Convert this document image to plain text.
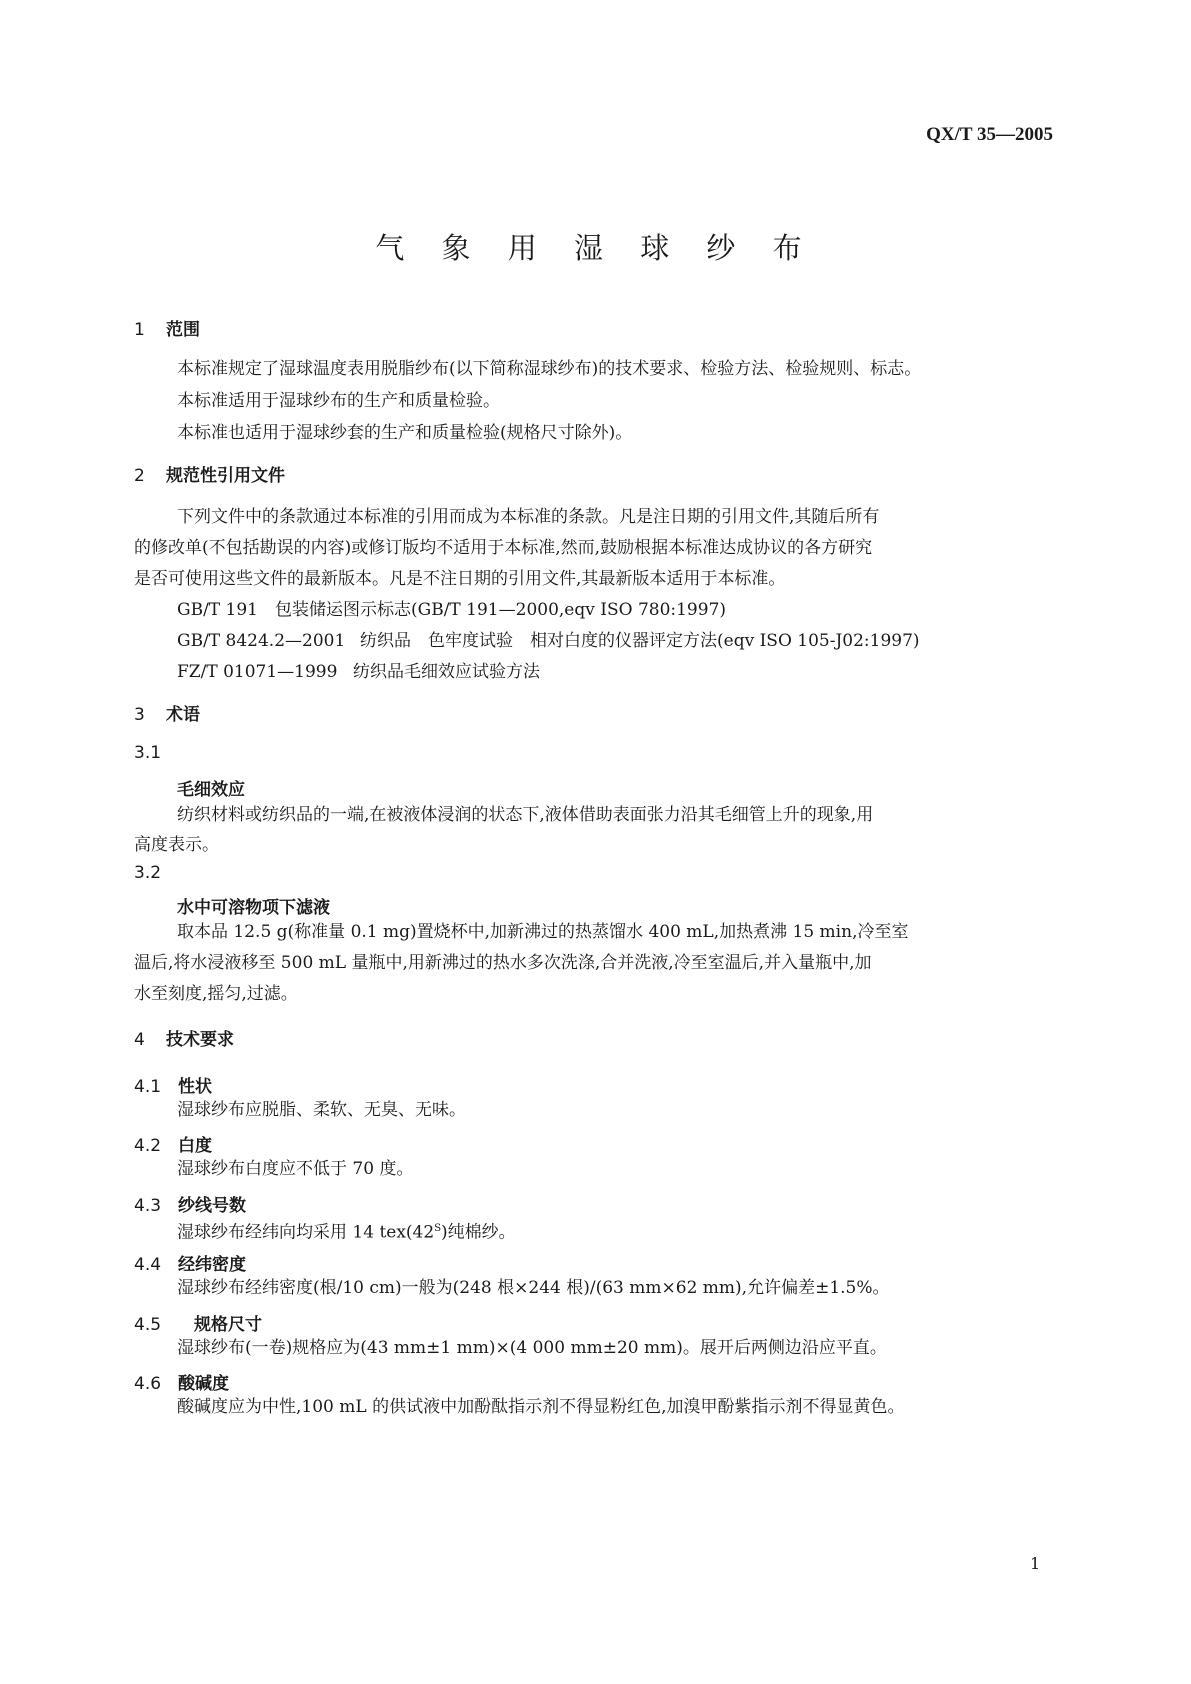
QX/T 35—2005
气 象 用 湿 球 纱 布
1 范围
本标准规定了湿球温度表用脱脂纱布(以下简称湿球纱布)的技术要求、检验方法、检验规则、标志。
本标准适用于湿球纱布的生产和质量检验。
本标准也适用于湿球纱套的生产和质量检验(规格尺寸除外)。
2 规范性引用文件
下列文件中的条款通过本标准的引用而成为本标准的条款。凡是注日期的引用文件,其随后所有
的修改单(不包括勘误的内容)或修订版均不适用于本标准,然而,鼓励根据本标准达成协议的各方研究
是否可使用这些文件的最新版本。凡是不注日期的引用文件,其最新版本适用于本标准。
GB/T 191 包装储运图示标志(GB/T 191—2000,eqv ISO 780:1997)
GB/T 8424.2—2001 纺织品　色牢度试验　相对白度的仪器评定方法(eqv ISO 105-J02:1997)
FZ/T 01071—1999 纺织品毛细效应试验方法
3 术语
3.1
毛细效应
纺织材料或纺织品的一端,在被液体浸润的状态下,液体借助表面张力沿其毛细管上升的现象,用
高度表示。
3.2
水中可溶物项下滤液
取本品 12.5 g(称准量 0.1 mg)置烧杯中,加新沸过的热蒸馏水 400 mL,加热煮沸 15 min,冷至室
温后,将水浸液移至 500 mL 量瓶中,用新沸过的热水多次洗涤,合并洗液,冷至室温后,并入量瓶中,加
水至刻度,摇匀,过滤。
4 技术要求
4.1 性状
湿球纱布应脱脂、柔软、无臭、无味。
4.2 白度
湿球纱布白度应不低于 70 度。
4.3 纱线号数
湿球纱布经纬向均采用 14 $tex(42^S)$纯棉纱。
4.4 经纬密度
湿球纱布经纬密度(根/10 cm)一般为(248 根×244 根)/(63 mm×62 mm),允许偏差±1.5%。
4.5 规格尺寸
湿球纱布(一卷)规格应为(43 mm±1 mm)×(4 000 mm±20 mm)。展开后两侧边沿应平直。
4.6 酸碱度
酸碱度应为中性,100 mL 的供试液中加酚酞指示剂不得显粉红色,加溴甲酚紫指示剂不得显黄色。
1
